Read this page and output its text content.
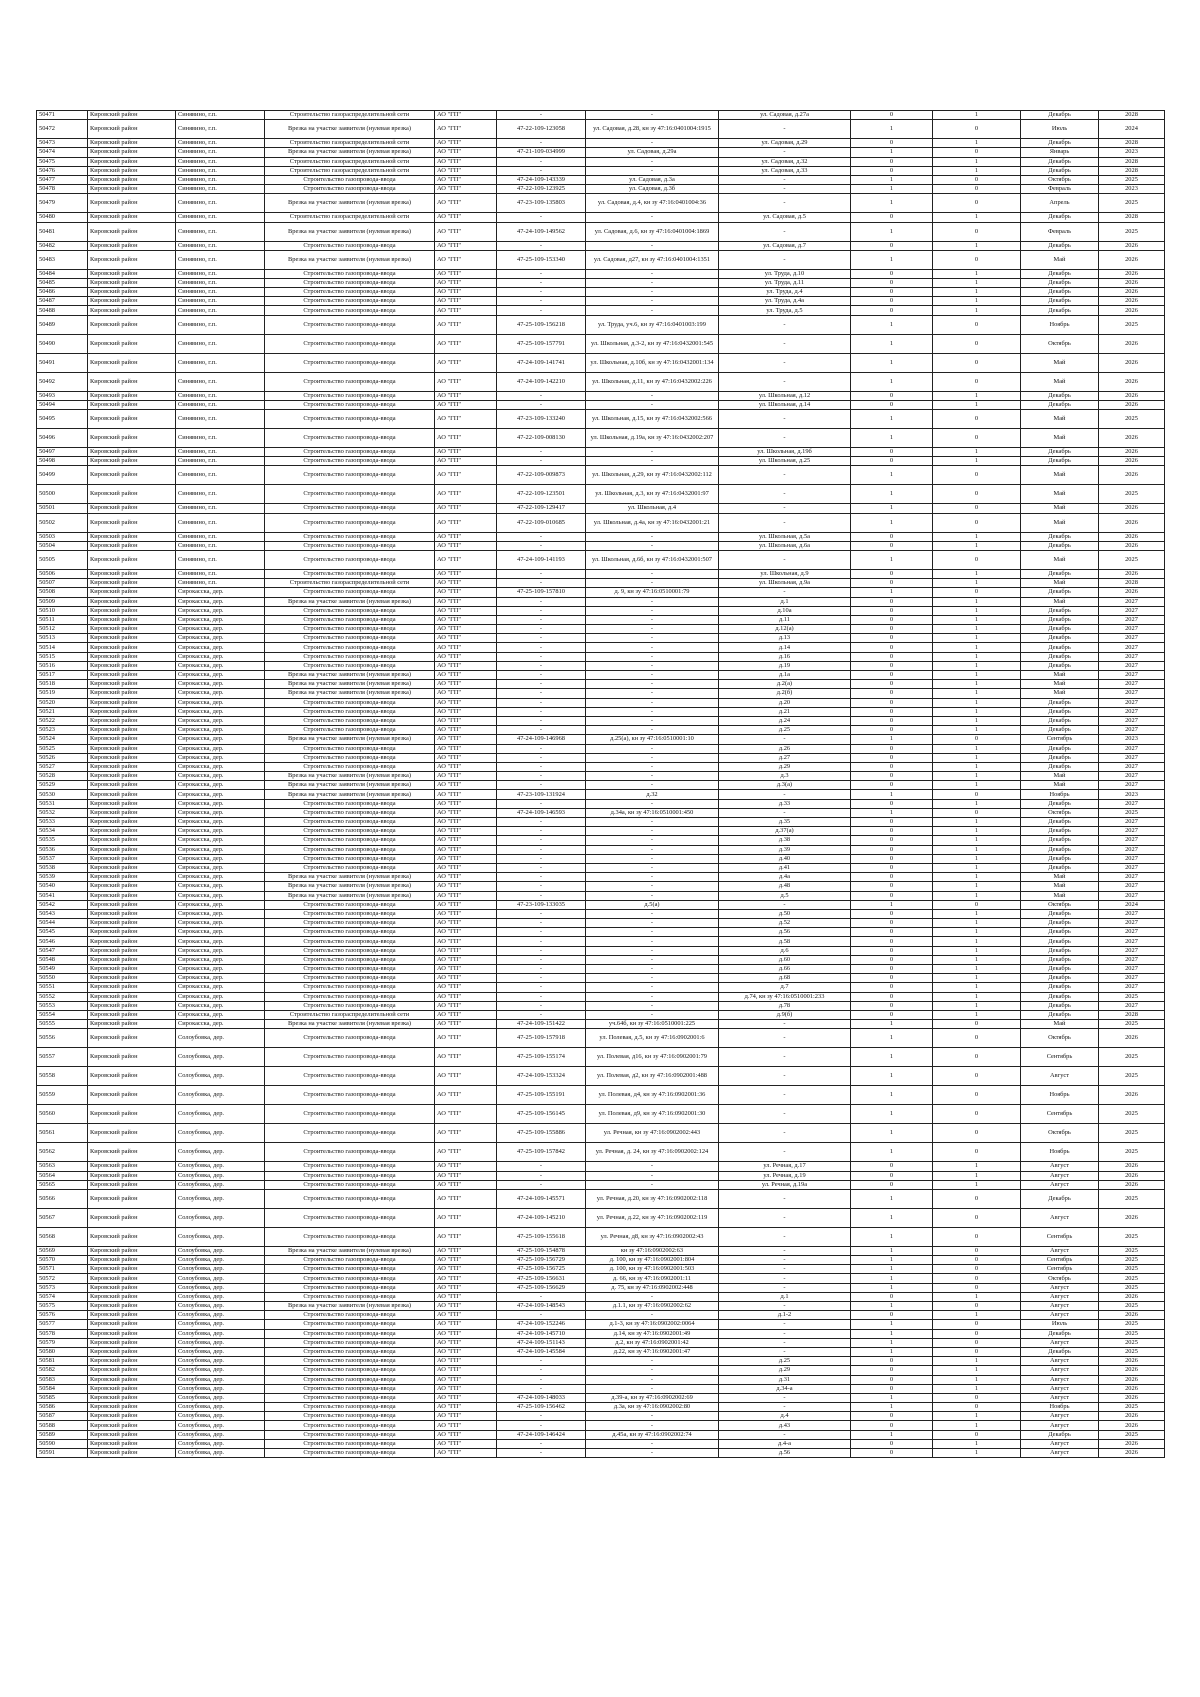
50471	Кировский район	Синявино, г.п.	Строительство газораспределительной сети	АО "ГП"	-	-	ул. Садовая, д.27а	0	1	Декабрь	2028
50472	Кировский район	Синявино, г.п.	Врезка на участке заявителя (нулевая врезка)	АО "ГП"	47-22-109-123058	ул. Садовая, д.28, кн зу 47:16:0401004:1915	-	1	0	Июль	2024
50473	Кировский район	Синявино, г.п.	Строительство газораспределительной сети	АО "ГП"	-	-	ул. Садовая, д.29	0	1	Декабрь	2028
50474	Кировский район	Синявино, г.п.	Врезка на участке заявителя (нулевая врезка)	АО "ГП"	47-21-109-034999	ул. Садовая, д.29а	-	1	0	Январь	2023
50475	Кировский район	Синявино, г.п.	Строительство газораспределительной сети	АО "ГП"	-	-	ул. Садовая, д.32	0	1	Декабрь	2028
50476	Кировский район	Синявино, г.п.	Строительство газораспределительной сети	АО "ГП"	-	-	ул. Садовая, д.33	0	1	Декабрь	2028
50477	Кировский район	Синявино, г.п.	Строительство газопровода-ввода	АО "ГП"	47-24-109-143339	ул. Садовая, д.3а	-	1	0	Октябрь	2025
50478	Кировский район	Синявино, г.п.	Строительство газопровода-ввода	АО "ГП"	47-22-109-123925	ул. Садовая, д.3б	-	1	0	Февраль	2023
50479	Кировский район	Синявино, г.п.	Врезка на участке заявителя (нулевая врезка)	АО "ГП"	47-23-109-135803	ул. Садовая, д.4, кн зу 47:16:0401004:36	-	1	0	Апрель	2025
50480	Кировский район	Синявино, г.п.	Строительство газораспределительной сети	АО "ГП"	-	-	ул. Садовая, д.5	0	1	Декабрь	2028
50481	Кировский район	Синявино, г.п.	Врезка на участке заявителя (нулевая врезка)	АО "ГП"	47-24-109-149562	ул. Садовая, д.6, кн зу 47:16:0401004:1869	-	1	0	Февраль	2025
50482	Кировский район	Синявино, г.п.	Строительство газопровода-ввода	АО "ГП"	-	-	ул. Садовая, д.7	0	1	Декабрь	2026
50483	Кировский район	Синявино, г.п.	Врезка на участке заявителя (нулевая врезка)	АО "ГП"	47-25-109-153340	ул. Садовая, д27, кн зу 47:16:0401004:1351	-	1	0	Май	2026
50484	Кировский район	Синявино, г.п.	Строительство газопровода-ввода	АО "ГП"	-	-	ул. Труда, д.10	0	1	Декабрь	2026
50485	Кировский район	Синявино, г.п.	Строительство газопровода-ввода	АО "ГП"	-	-	ул. Труда, д.11	0	1	Декабрь	2026
50486	Кировский район	Синявино, г.п.	Строительство газопровода-ввода	АО "ГП"	-	-	ул. Труда, д.4	0	1	Декабрь	2026
50487	Кировский район	Синявино, г.п.	Строительство газопровода-ввода	АО "ГП"	-	-	ул. Труда, д.4а	0	1	Декабрь	2026
50488	Кировский район	Синявино, г.п.	Строительство газопровода-ввода	АО "ГП"	-	-	ул. Труда, д.5	0	1	Декабрь	2026
50489	Кировский район	Синявино, г.п.	Строительство газопровода-ввода	АО "ГП"	47-25-109-156218	ул. Труда, уч.6, кн зу 47:16:0401003:199	-	1	0	Ноябрь	2025
50490	Кировский район	Синявино, г.п.	Строительство газопровода-ввода	АО "ГП"	47-25-109-157791	ул. Школьная, д.3-2, кн зу 47:16:0432001:545	-	1	0	Октябрь	2026
50491	Кировский район	Синявино, г.п.	Строительство газопровода-ввода	АО "ГП"	47-24-109-141741	ул. Школьная, д.10б, кн зу 47:16:0432001:134	-	1	0	Май	2026
50492	Кировский район	Синявино, г.п.	Строительство газопровода-ввода	АО "ГП"	47-24-109-142210	ул. Школьная, д.11, кн зу 47:16:0432002:226	-	1	0	Май	2026
50493	Кировский район	Синявино, г.п.	Строительство газопровода-ввода	АО "ГП"	-	-	ул. Школьная, д.12	0	1	Декабрь	2026
50494	Кировский район	Синявино, г.п.	Строительство газопровода-ввода	АО "ГП"	-	-	ул. Школьная, д.14	0	1	Декабрь	2026
50495	Кировский район	Синявино, г.п.	Строительство газопровода-ввода	АО "ГП"	47-23-109-133240	ул. Школьная, д.15, кн зу 47:16:0432002:566	-	1	0	Май	2025
50496	Кировский район	Синявино, г.п.	Строительство газопровода-ввода	АО "ГП"	47-22-109-008130	ул. Школьная, д.19а, кн зу 47:16:0432002:207	-	1	0	Май	2026
50497	Кировский район	Синявино, г.п.	Строительство газопровода-ввода	АО "ГП"	-	-	ул. Школьная, д.19б	0	1	Декабрь	2026
50498	Кировский район	Синявино, г.п.	Строительство газопровода-ввода	АО "ГП"	-	-	ул. Школьная, д.25	0	1	Декабрь	2026
50499	Кировский район	Синявино, г.п.	Строительство газопровода-ввода	АО "ГП"	47-22-109-009873	ул. Школьная, д.29, кн зу 47:16:0432002:112	-	1	0	Май	2026
50500	Кировский район	Синявино, г.п.	Строительство газопровода-ввода	АО "ГП"	47-22-109-123501	ул. Школьная, д.3, кн зу 47:16:0432001:97	-	1	0	Май	2025
50501	Кировский район	Синявино, г.п.	Строительство газопровода-ввода	АО "ГП"	47-22-109-129417	ул. Школьная, д.4	-	1	0	Май	2026
50502	Кировский район	Синявино, г.п.	Строительство газопровода-ввода	АО "ГП"	47-22-109-010685	ул. Школьная, д.4а, кн зу 47:16:0432001:21	-	1	0	Май	2026
50503	Кировский район	Синявино, г.п.	Строительство газопровода-ввода	АО "ГП"	-	-	ул. Школьная, д.5а	0	1	Декабрь	2026
50504	Кировский район	Синявино, г.п.	Строительство газопровода-ввода	АО "ГП"	-	-	ул. Школьная, д.6а	0	1	Декабрь	2026
50505	Кировский район	Синявино, г.п.	Строительство газопровода-ввода	АО "ГП"	47-24-109-141193	ул. Школьная, д.6б, кн зу 47:16:0432001:507	-	1	0	Май	2025
50506	Кировский район	Синявино, г.п.	Строительство газопровода-ввода	АО "ГП"	-	-	ул. Школьная, д.9	0	1	Декабрь	2026
50507	Кировский район	Синявино, г.п.	Строительство газораспределительной сети	АО "ГП"	-	-	ул. Школьная, д.9а	0	1	Май	2028
50508	Кировский район	Сирокасска, дер.	Строительство газопровода-ввода	АО "ГП"	47-25-109-157810	д. 9, кн зу 47:16:0510001:79	-	1	0	Декабрь	2026
50509	Кировский район	Сирокасска, дер.	Врезка на участке заявителя (нулевая врезка)	АО "ГП"	-	-	д.1	0	1	Май	2027
50510	Кировский район	Сирокасска, дер.	Строительство газопровода-ввода	АО "ГП"	-	-	д.10а	0	1	Декабрь	2027
50511	Кировский район	Сирокасска, дер.	Строительство газопровода-ввода	АО "ГП"	-	-	д.11	0	1	Декабрь	2027
50512	Кировский район	Сирокасска, дер.	Строительство газопровода-ввода	АО "ГП"	-	-	д.12(а)	0	1	Декабрь	2027
50513	Кировский район	Сирокасска, дер.	Строительство газопровода-ввода	АО "ГП"	-	-	д.13	0	1	Декабрь	2027
50514	Кировский район	Сирокасска, дер.	Строительство газопровода-ввода	АО "ГП"	-	-	д.14	0	1	Декабрь	2027
50515	Кировский район	Сирокасска, дер.	Строительство газопровода-ввода	АО "ГП"	-	-	д.16	0	1	Декабрь	2027
50516	Кировский район	Сирокасска, дер.	Строительство газопровода-ввода	АО "ГП"	-	-	д.19	0	1	Декабрь	2027
50517	Кировский район	Сирокасска, дер.	Врезка на участке заявителя (нулевая врезка)	АО "ГП"	-	-	д.1а	0	1	Май	2027
50518	Кировский район	Сирокасска, дер.	Врезка на участке заявителя (нулевая врезка)	АО "ГП"	-	-	д.2(а)	0	1	Май	2027
50519	Кировский район	Сирокасска, дер.	Врезка на участке заявителя (нулевая врезка)	АО "ГП"	-	-	д.2(б)	0	1	Май	2027
50520	Кировский район	Сирокасска, дер.	Строительство газопровода-ввода	АО "ГП"	-	-	д.20	0	1	Декабрь	2027
50521	Кировский район	Сирокасска, дер.	Строительство газопровода-ввода	АО "ГП"	-	-	д.21	0	1	Декабрь	2027
50522	Кировский район	Сирокасска, дер.	Строительство газопровода-ввода	АО "ГП"	-	-	д.24	0	1	Декабрь	2027
50523	Кировский район	Сирокасска, дер.	Строительство газопровода-ввода	АО "ГП"	-	-	д.25	0	1	Декабрь	2027
50524	Кировский район	Сирокасска, дер.	Врезка на участке заявителя (нулевая врезка)	АО "ГП"	47-24-109-146968	д.25(а), кн зу 47:16:0510001:10	-	1	0	Сентябрь	2023
50525	Кировский район	Сирокасска, дер.	Строительство газопровода-ввода	АО "ГП"	-	-	д.26	0	1	Декабрь	2027
50526	Кировский район	Сирокасска, дер.	Строительство газопровода-ввода	АО "ГП"	-	-	д.27	0	1	Декабрь	2027
50527	Кировский район	Сирокасска, дер.	Строительство газопровода-ввода	АО "ГП"	-	-	д.29	0	1	Декабрь	2027
50528	Кировский район	Сирокасска, дер.	Врезка на участке заявителя (нулевая врезка)	АО "ГП"	-	-	д.3	0	1	Май	2027
50529	Кировский район	Сирокасска, дер.	Врезка на участке заявителя (нулевая врезка)	АО "ГП"	-	-	д.3(а)	0	1	Май	2027
50530	Кировский район	Сирокасска, дер.	Врезка на участке заявителя (нулевая врезка)	АО "ГП"	47-23-109-131924	д.32	-	1	0	Ноябрь	2023
50531	Кировский район	Сирокасска, дер.	Строительство газопровода-ввода	АО "ГП"	-	-	д.33	0	1	Декабрь	2027
50532	Кировский район	Сирокасска, дер.	Строительство газопровода-ввода	АО "ГП"	47-24-109-146593	д.34а, кн зу 47:16:0510001:450	-	1	0	Октябрь	2025
50533	Кировский район	Сирокасска, дер.	Строительство газопровода-ввода	АО "ГП"	-	-	д.35	0	1	Декабрь	2027
50534	Кировский район	Сирокасска, дер.	Строительство газопровода-ввода	АО "ГП"	-	-	д.37(а)	0	1	Декабрь	2027
50535	Кировский район	Сирокасска, дер.	Строительство газопровода-ввода	АО "ГП"	-	-	д.38	0	1	Декабрь	2027
50536	Кировский район	Сирокасска, дер.	Строительство газопровода-ввода	АО "ГП"	-	-	д.39	0	1	Декабрь	2027
50537	Кировский район	Сирокасска, дер.	Строительство газопровода-ввода	АО "ГП"	-	-	д.40	0	1	Декабрь	2027
50538	Кировский район	Сирокасска, дер.	Строительство газопровода-ввода	АО "ГП"	-	-	д.41	0	1	Декабрь	2027
50539	Кировский район	Сирокасска, дер.	Врезка на участке заявителя (нулевая врезка)	АО "ГП"	-	-	д.4а	0	1	Май	2027
50540	Кировский район	Сирокасска, дер.	Врезка на участке заявителя (нулевая врезка)	АО "ГП"	-	-	д.48	0	1	Май	2027
50541	Кировский район	Сирокасска, дер.	Врезка на участке заявителя (нулевая врезка)	АО "ГП"	-	-	д.5	0	1	Май	2027
50542	Кировский район	Сирокасска, дер.	Строительство газопровода-ввода	АО "ГП"	47-23-109-133035	д.5(а)	-	1	0	Октябрь	2024
50543	Кировский район	Сирокасска, дер.	Строительство газопровода-ввода	АО "ГП"	-	-	д.50	0	1	Декабрь	2027
50544	Кировский район	Сирокасска, дер.	Строительство газопровода-ввода	АО "ГП"	-	-	д.52	0	1	Декабрь	2027
50545	Кировский район	Сирокасска, дер.	Строительство газопровода-ввода	АО "ГП"	-	-	д.56	0	1	Декабрь	2027
50546	Кировский район	Сирокасска, дер.	Строительство газопровода-ввода	АО "ГП"	-	-	д.58	0	1	Декабрь	2027
50547	Кировский район	Сирокасска, дер.	Строительство газопровода-ввода	АО "ГП"	-	-	д.6	0	1	Декабрь	2027
50548	Кировский район	Сирокасска, дер.	Строительство газопровода-ввода	АО "ГП"	-	-	д.60	0	1	Декабрь	2027
50549	Кировский район	Сирокасска, дер.	Строительство газопровода-ввода	АО "ГП"	-	-	д.66	0	1	Декабрь	2027
50550	Кировский район	Сирокасска, дер.	Строительство газопровода-ввода	АО "ГП"	-	-	д.68	0	1	Декабрь	2027
50551	Кировский район	Сирокасска, дер.	Строительство газопровода-ввода	АО "ГП"	-	-	д.7	0	1	Декабрь	2027
50552	Кировский район	Сирокасска, дер.	Строительство газопровода-ввода	АО "ГП"	-	-	д.74, кн зу 47:16:0510001:233	0	1	Декабрь	2025
50553	Кировский район	Сирокасска, дер.	Строительство газопровода-ввода	АО "ГП"	-	-	д.78	0	1	Декабрь	2027
50554	Кировский район	Сирокасска, дер.	Строительство газораспределительной сети	АО "ГП"	-	-	д.9(б)	0	1	Декабрь	2028
50555	Кировский район	Сирокасска, дер.	Врезка на участке заявителя (нулевая врезка)	АО "ГП"	47-24-109-151422	уч.64б, кн зу 47:16:0510001:225	-	1	0	Май	2025
50556	Кировский район	Солоубовка, дер.	Строительство газопровода-ввода	АО "ГП"	47-25-109-157918	ул. Полевая, д.5, кн зу 47:16:0902001:6	-	1	0	Октябрь	2026
50557	Кировский район	Солоубовка, дер.	Строительство газопровода-ввода	АО "ГП"	47-25-109-155174	ул. Полевая, д16, кн зу 47:16:0902001:79	-	1	0	Сентябрь	2025
50558	Кировский район	Солоубовка, дер.	Строительство газопровода-ввода	АО "ГП"	47-24-109-153324	ул. Полевая, д2, кн зу 47:16:0902001:488	-	1	0	Август	2025
50559	Кировский район	Солоубовка, дер.	Строительство газопровода-ввода	АО "ГП"	47-25-109-155191	ул. Полевая, д4, кн зу 47:16:0902001:36	-	1	0	Ноябрь	2026
50560	Кировский район	Солоубовка, дер.	Строительство газопровода-ввода	АО "ГП"	47-25-109-156145	ул. Полевая, д9, кн зу 47:16:0902001:30	-	1	0	Сентябрь	2025
50561	Кировский район	Солоубовка, дер.	Строительство газопровода-ввода	АО "ГП"	47-25-109-155886	ул. Речная, кн зу 47:16:0902002:443	-	1	0	Октябрь	2025
50562	Кировский район	Солоубовка, дер.	Строительство газопровода-ввода	АО "ГП"	47-25-109-157842	ул. Речная, д. 24, кн зу 47:16:0902002:124	-	1	0	Ноябрь	2025
50563	Кировский район	Солоубовка, дер.	Строительство газопровода-ввода	АО "ГП"	-	-	ул. Речная, д.17	0	1	Август	2026
50564	Кировский район	Солоубовка, дер.	Строительство газопровода-ввода	АО "ГП"	-	-	ул. Речная, д.19	0	1	Август	2026
50565	Кировский район	Солоубовка, дер.	Строительство газопровода-ввода	АО "ГП"	-	-	ул. Речная, д.19а	0	1	Август	2026
50566	Кировский район	Солоубовка, дер.	Строительство газопровода-ввода	АО "ГП"	47-24-109-145571	ул. Речная, д.20, кн зу 47:16:0902002:118	-	1	0	Декабрь	2025
50567	Кировский район	Солоубовка, дер.	Строительство газопровода-ввода	АО "ГП"	47-24-109-145210	ул. Речная, д.22, кн зу 47:16:0902002:119	-	1	0	Август	2026
50568	Кировский район	Солоубовка, дер.	Строительство газопровода-ввода	АО "ГП"	47-25-109-155618	ул. Речная, д8, кн зу 47:16:0902002:43	-	1	0	Сентябрь	2025
50569	Кировский район	Солоубовка, дер.	Врезка на участке заявителя (нулевая врезка)	АО "ГП"	47-25-109-154878	кн зу 47:16:0902002:63	-	1	0	Август	2025
50570	Кировский район	Солоубовка, дер.	Строительство газопровода-ввода	АО "ГП"	47-25-109-156729	д. 100, кн зу 47:16:0902001:804	-	1	0	Сентябрь	2025
50571	Кировский район	Солоубовка, дер.	Строительство газопровода-ввода	АО "ГП"	47-25-109-156725	д. 100, кн зу 47:16:0902001:503	-	1	0	Сентябрь	2025
50572	Кировский район	Солоубовка, дер.	Строительство газопровода-ввода	АО "ГП"	47-25-109-156631	д. 66, кн зу 47:16:0902001:11	-	1	0	Октябрь	2025
50573	Кировский район	Солоубовка, дер.	Строительство газопровода-ввода	АО "ГП"	47-25-109-156629	д. 75, кн зу 47:16:0902002:448	-	1	0	Август	2025
50574	Кировский район	Солоубовка, дер.	Строительство газопровода-ввода	АО "ГП"	-	-	д.1	0	1	Август	2026
50575	Кировский район	Солоубовка, дер.	Врезка на участке заявителя (нулевая врезка)	АО "ГП"	47-24-109-148543	д.1.1, кн зу 47:16:0902002:62	-	1	0	Август	2025
50576	Кировский район	Солоубовка, дер.	Строительство газопровода-ввода	АО "ГП"	-	-	д.1-2	0	1	Август	2026
50577	Кировский район	Солоубовка, дер.	Строительство газопровода-ввода	АО "ГП"	47-24-109-152246	д.1-3, кн зу 47:16:0902002:0064	-	1	0	Июль	2025
50578	Кировский район	Солоубовка, дер.	Строительство газопровода-ввода	АО "ГП"	47-24-109-145710	д.14, кн зу 47:16:0902001:49	-	1	0	Декабрь	2025
50579	Кировский район	Солоубовка, дер.	Строительство газопровода-ввода	АО "ГП"	47-24-109-151143	д.2, кн зу 47:16:0902001:42	-	1	0	Август	2025
50580	Кировский район	Солоубовка, дер.	Строительство газопровода-ввода	АО "ГП"	47-24-109-145584	д.22, кн зу 47:16:0902001:47	-	1	0	Декабрь	2025
50581	Кировский район	Солоубовка, дер.	Строительство газопровода-ввода	АО "ГП"	-	-	д.25	0	1	Август	2026
50582	Кировский район	Солоубовка, дер.	Строительство газопровода-ввода	АО "ГП"	-	-	д.29	0	1	Август	2026
50583	Кировский район	Солоубовка, дер.	Строительство газопровода-ввода	АО "ГП"	-	-	д.31	0	1	Август	2026
50584	Кировский район	Солоубовка, дер.	Строительство газопровода-ввода	АО "ГП"	-	-	д.34-а	0	1	Август	2026
50585	Кировский район	Солоубовка, дер.	Строительство газопровода-ввода	АО "ГП"	47-24-109-148033	д.39-а, кн зу 47:16:0902002:69	-	1	0	Август	2026
50586	Кировский район	Солоубовка, дер.	Строительство газопровода-ввода	АО "ГП"	47-25-109-156462	д.3а, кн зу 47:16:0902002:80	-	1	0	Ноябрь	2025
50587	Кировский район	Солоубовка, дер.	Строительство газопровода-ввода	АО "ГП"	-	-	д.4	0	1	Август	2026
50588	Кировский район	Солоубовка, дер.	Строительство газопровода-ввода	АО "ГП"	-	-	д.43	0	1	Август	2026
50589	Кировский район	Солоубовка, дер.	Строительство газопровода-ввода	АО "ГП"	47-24-109-146424	д.45а, кн зу 47:16:0902002:74	-	1	0	Декабрь	2025
50590	Кировский район	Солоубовка, дер.	Строительство газопровода-ввода	АО "ГП"	-	-	д.4-а	0	1	Август	2026
50591	Кировский район	Солоубовка, дер.	Строительство газопровода-ввода	АО "ГП"	-	-	д.56	0	1	Август	2026
